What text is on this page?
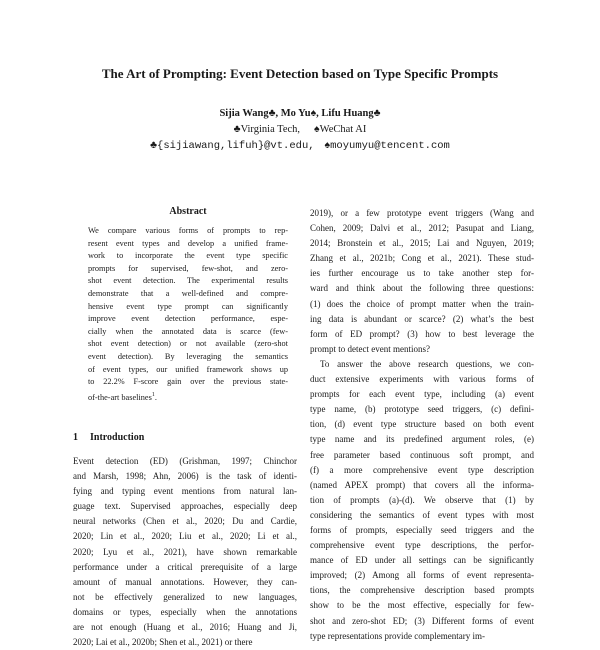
The Art of Prompting: Event Detection based on Type Specific Prompts
Sijia Wang♣, Mo Yu♠, Lifu Huang♣
♣Virginia Tech, ♠WeChat AI
♣{sijiawang,lifuh}@vt.edu, ♠moyumyu@tencent.com
Abstract

We compare various forms of prompts to rep-
resent event types and develop a unified frame-
work to incorporate the event type specific
prompts for supervised, few-shot, and zero-
shot event detection. The experimental results
demonstrate that a well-defined and compre-
hensive event type prompt can significantly
improve event detection performance, espe-
cially when the annotated data is scarce (few-
shot event detection) or not available (zero-shot
event detection). By leveraging the semantics
of event types, our unified framework shows up
to 22.2% F-score gain over the previous state-
of-the-art baselines$^1$.

1 Introduction

Event detection (ED) (Grishman, 1997; Chinchor
and Marsh, 1998; Ahn, 2006) is the task of identi-
fying and typing event mentions from natural lan-
guage text. Supervised approaches, especially deep
neural networks (Chen et al., 2020; Du and Cardie,
2020; Lin et al., 2020; Liu et al., 2020; Li et al.,
2020; Lyu et al., 2021), have shown remarkable
performance under a critical prerequisite of a large
amount of manual annotations. However, they can-
not be effectively generalized to new languages,
domains or types, especially when the annotations
are not enough (Huang et al., 2016; Huang and Ji,
2020; Lai et al., 2020b; Shen et al., 2021) or there

2019), or a few prototype event triggers (Wang and
Cohen, 2009; Dalvi et al., 2012; Pasupat and Liang,
2014; Bronstein et al., 2015; Lai and Nguyen, 2019;
Zhang et al., 2021b; Cong et al., 2021). These stud-
ies further encourage us to take another step for-
ward and think about the following three questions:
(1) does the choice of prompt matter when the train-
ing data is abundant or scarce? (2) what’s the best
form of ED prompt? (3) how to best leverage the
prompt to detect event mentions?
To answer the above research questions, we con-
duct extensive experiments with various forms of
prompts for each event type, including (a) event
type name, (b) prototype seed triggers, (c) defini-
tion, (d) event type structure based on both event
type name and its predefined argument roles, (e)
free parameter based continuous soft prompt, and
(f) a more comprehensive event type description
(named APEX prompt) that covers all the informa-
tion of prompts (a)-(d). We observe that (1) by
considering the semantics of event types with most
forms of prompts, especially seed triggers and the
comprehensive event type descriptions, the perfor-
mance of ED under all settings can be significantly
improved; (2) Among all forms of event representa-
tions, the comprehensive description based prompts
show to be the most effective, especially for few-
shot and zero-shot ED; (3) Different forms of event
type representations provide complementary im-
